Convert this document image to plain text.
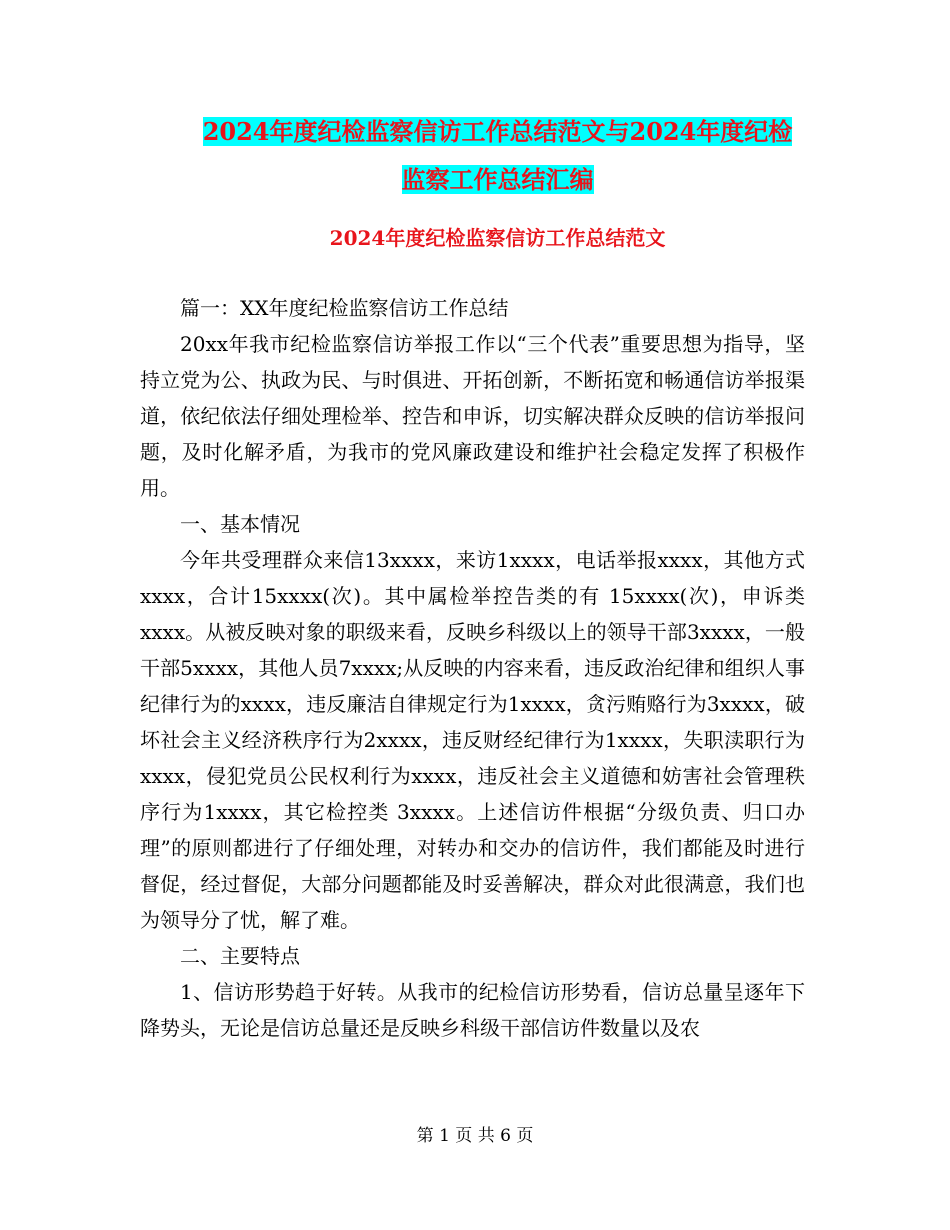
2024年度纪检监察信访工作总结范文与2024年度纪检
监察工作总结汇编
2024年度纪检监察信访工作总结范文

篇一：XX年度纪检监察信访工作总结

20xx年我市纪检监察信访举报工作以“三个代表”重要思想为指导，坚持立党为公、执政为民、与时俱进、开拓创新，不断拓宽和畅通信访举报渠道，依纪依法仔细处理检举、控告和申诉，切实解决群众反映的信访举报问题，及时化解矛盾，为我市的党风廉政建设和维护社会稳定发挥了积极作用。

一、基本情况

今年共受理群众来信13xxxx，来访1xxxx，电话举报xxxx，其他方式xxxx，合计15xxxx(次)。其中属检举控告类的有 15xxxx(次)，申诉类xxxx。从被反映对象的职级来看，反映乡科级以上的领导干部3xxxx，一般干部5xxxx，其他人员7xxxx;从反映的内容来看，违反政治纪律和组织人事纪律行为的xxxx，违反廉洁自律规定行为1xxxx，贪污贿赂行为3xxxx，破坏社会主义经济秩序行为2xxxx，违反财经纪律行为1xxxx，失职渎职行为xxxx，侵犯党员公民权利行为xxxx，违反社会主义道德和妨害社会管理秩序行为1xxxx，其它检控类 3xxxx。上述信访件根据“分级负责、归口办理”的原则都进行了仔细处理，对转办和交办的信访件，我们都能及时进行督促，经过督促，大部分问题都能及时妥善解决，群众对此很满意，我们也为领导分了忧，解了难。

二、主要特点

1、信访形势趋于好转。从我市的纪检信访形势看，信访总量呈逐年下降势头，无论是信访总量还是反映乡科级干部信访件数量以及农

第 1 页 共 6 页
